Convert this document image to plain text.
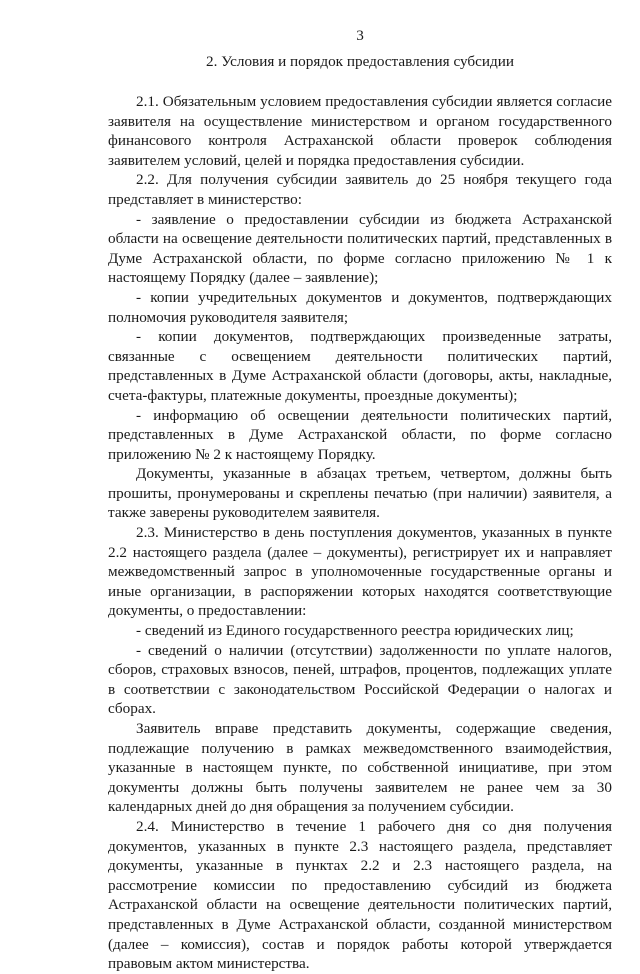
3
2. Условия и порядок предоставления субсидии

2.1. Обязательным условием предоставления субсидии является согласие заявителя на осуществление министерством и органом государственного финансового контроля Астраханской области проверок соблюдения заявителем условий, целей и порядка предоставления субсидии.

2.2. Для получения субсидии заявитель до 25 ноября текущего года представляет в министерство:

- заявление о предоставлении субсидии из бюджета Астраханской области на освещение деятельности политических партий, представленных в Думе Астраханской области, по форме согласно приложению № 1 к настоящему Порядку (далее – заявление);

- копии учредительных документов и документов, подтверждающих полномочия руководителя заявителя;

- копии документов, подтверждающих произведенные затраты, связанные с освещением деятельности политических партий, представленных в Думе Астраханской области (договоры, акты, накладные, счета-фактуры, платежные документы, проездные документы);

- информацию об освещении деятельности политических партий, представленных в Думе Астраханской области, по форме согласно приложению № 2 к настоящему Порядку.

Документы, указанные в абзацах третьем, четвертом, должны быть прошиты, пронумерованы и скреплены печатью (при наличии) заявителя, а также заверены руководителем заявителя.

2.3. Министерство в день поступления документов, указанных в пункте 2.2 настоящего раздела (далее – документы), регистрирует их и направляет межведомственный запрос в уполномоченные государственные органы и иные организации, в распоряжении которых находятся соответствующие документы, о предоставлении:

- сведений из Единого государственного реестра юридических лиц;

- сведений о наличии (отсутствии) задолженности по уплате налогов, сборов, страховых взносов, пеней, штрафов, процентов, подлежащих уплате в соответствии с законодательством Российской Федерации о налогах и сборах.

Заявитель вправе представить документы, содержащие сведения, подлежащие получению в рамках межведомственного взаимодействия, указанные в настоящем пункте, по собственной инициативе, при этом документы должны быть получены заявителем не ранее чем за 30 календарных дней до дня обращения за получением субсидии.

2.4. Министерство в течение 1 рабочего дня со дня получения документов, указанных в пункте 2.3 настоящего раздела, представляет документы, указанные в пунктах 2.2 и 2.3 настоящего раздела, на рассмотрение комиссии по предоставлению субсидий из бюджета Астраханской области на освещение деятельности политических партий, представленных в Думе Астраханской области, созданной министерством (далее – комиссия), состав и порядок работы которой утверждается правовым актом министерства.
